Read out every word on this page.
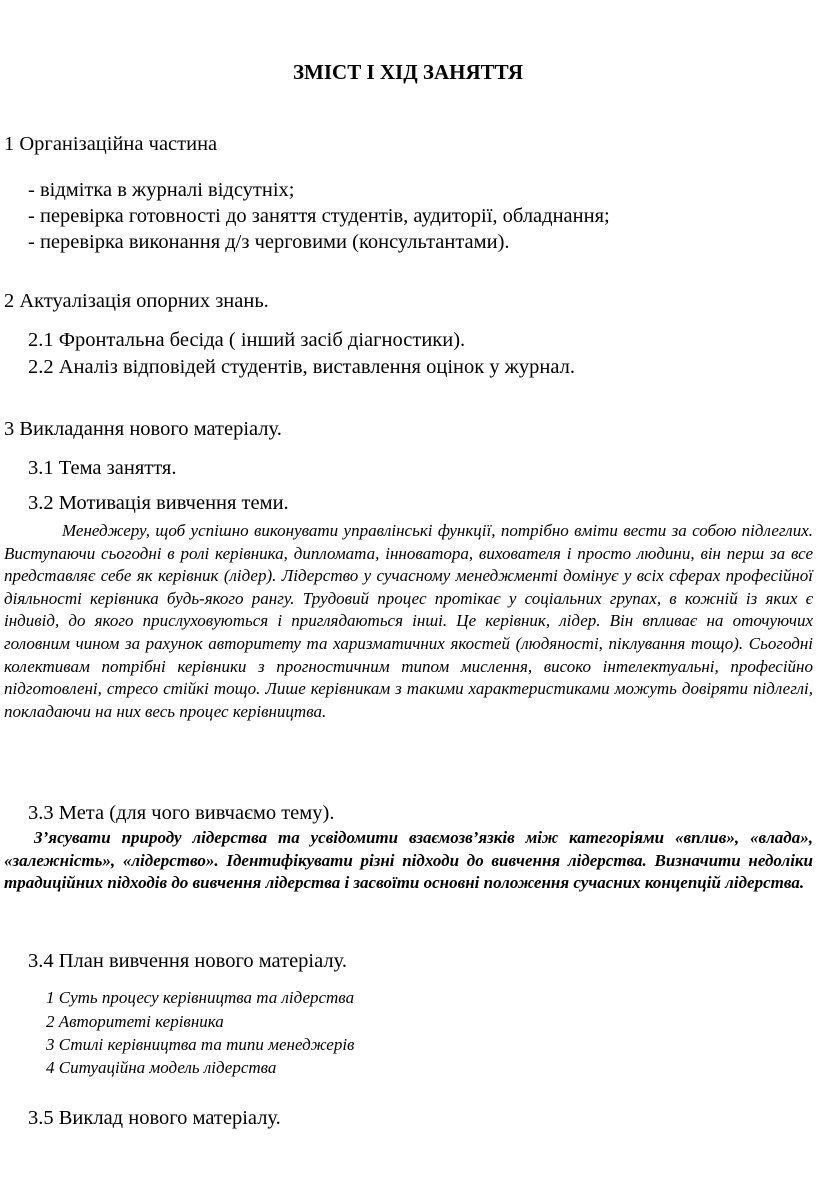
ЗМІСТ І ХІД ЗАНЯТТЯ
1 Організаційна частина
- відмітка в журналі відсутніх;
- перевірка готовності до заняття студентів, аудиторії, обладнання;
- перевірка виконання д/з черговими (консультантами).
2 Актуалізація опорних знань.
2.1 Фронтальна бесіда ( інший засіб діагностики).
2.2 Аналіз відповідей студентів, виставлення оцінок у журнал.
3 Викладання нового матеріалу.
3.1 Тема заняття.
3.2 Мотивація вивчення теми.
Менеджеру, щоб успішно виконувати управлінські функції, потрібно вміти вести за собою підлеглих. Виступаючи сьогодні в ролі керівника, дипломата, інноватора, вихователя і просто людини, він перш за все представляє себе як керівник (лідер). Лідерство у сучасному менеджменті домінує у всіх сферах професійної діяльності керівника будь-якого рангу. Трудовий процес протікає у соціальних групах, в кожній із яких є індивід, до якого прислуховуються і приглядаються інші. Це керівник, лідер. Він впливає на оточуючих головним чином за рахунок авторитету та харизматичних якостей (людяності, піклування тощо). Сьогодні колективам потрібні керівники з прогностичним типом мислення, високо інтелектуальні, професійно підготовлені, стресо стійкі тощо. Лише керівникам з такими характеристиками можуть довіряти підлеглі, покладаючи на них весь процес керівництва.
3.3 Мета (для чого вивчаємо тему).
З’ясувати природу лідерства та усвідомити взаємозв’язків між категоріями «вплив», «влада», «залежність», «лідерство». Ідентифікувати різні підходи до вивчення лідерства. Визначити недоліки традиційних підходів до вивчення лідерства і засвоїти основні положення сучасних концепцій лідерства.
3.4 План вивчення нового матеріалу.
1 Суть процесу керівництва та лідерства
2 Авторитеті керівника
3 Стилі керівництва та типи менеджерів
4 Ситуаційна модель лідерства
3.5 Виклад нового матеріалу.
